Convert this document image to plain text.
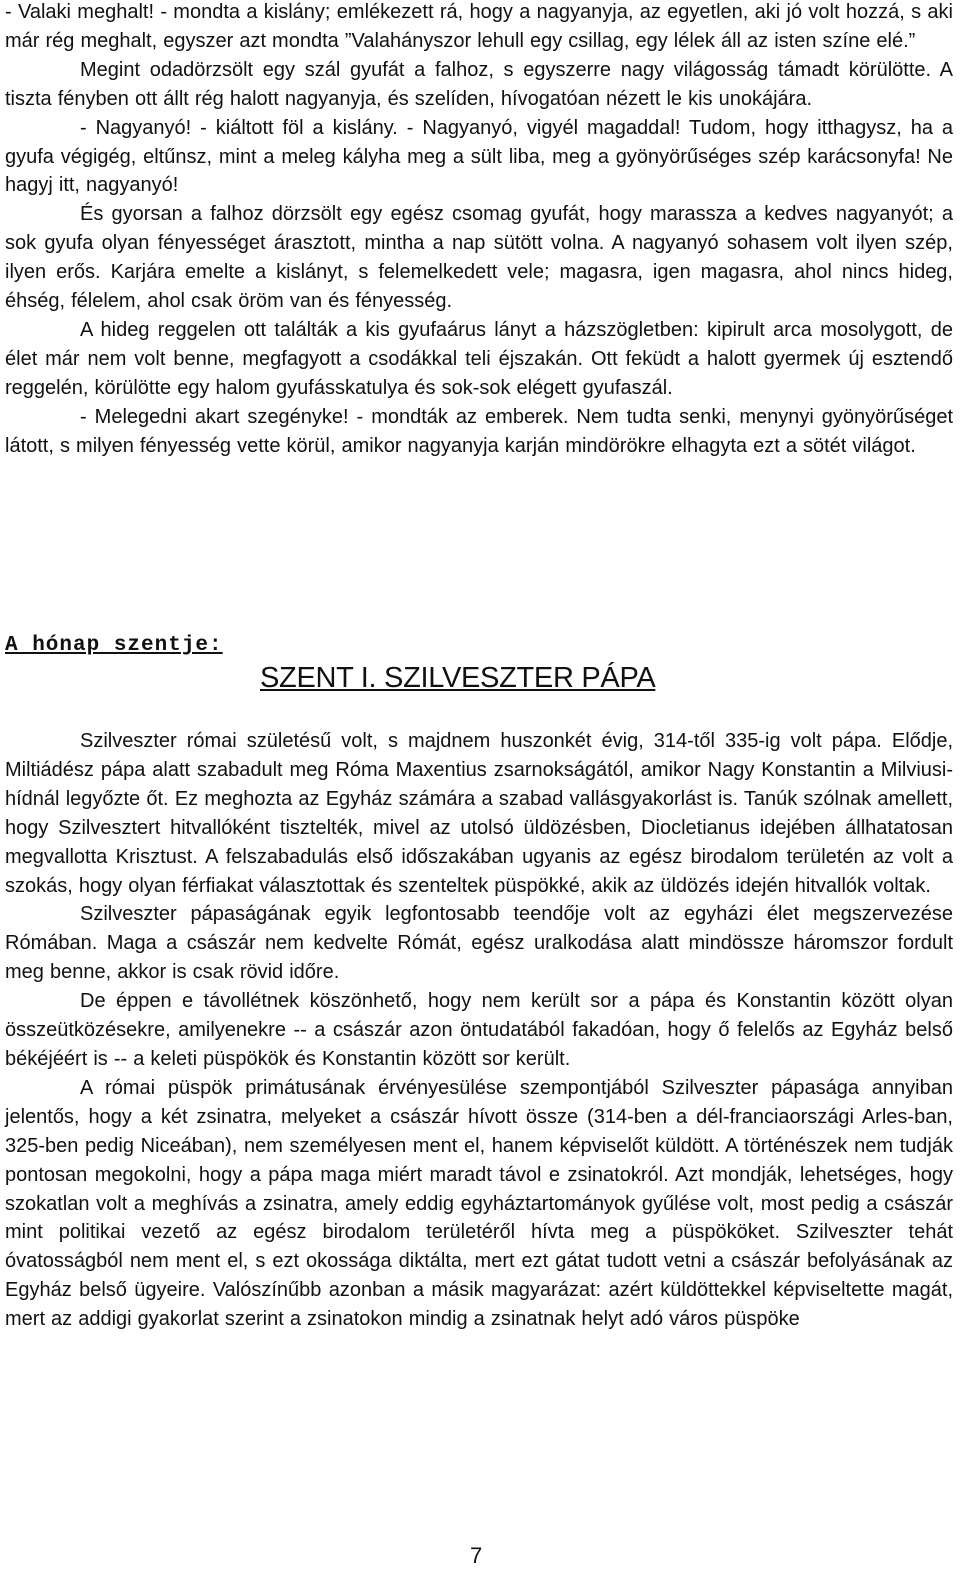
- Valaki meghalt! - mondta a kislány; emlékezett rá, hogy a nagyanyja, az egyetlen, aki jó volt hozzá, s aki már rég meghalt, egyszer azt mondta ”Valahányszor lehull egy csillag, egy lélek áll az isten színe elé.”

Megint odadörzsölt egy szál gyufát a falhoz, s egyszerre nagy világosság támadt körülötte. A tiszta fényben ott állt rég halott nagyanyja, és szelíden, hívogatóan nézett le kis unokájára.

- Nagyanyó! - kiáltott föl a kislány. - Nagyanyó, vigyél magaddal! Tudom, hogy itthagysz, ha a gyufa végigég, eltűnsz, mint a meleg kályha meg a sült liba, meg a gyönyörűséges szép karácsonyfa! Ne hagyj itt, nagyanyó!

És gyorsan a falhoz dörzsölt egy egész csomag gyufát, hogy marassza a kedves nagyanyót; a sok gyufa olyan fényességet árasztott, mintha a nap sütött volna. A nagyanyó sohasem volt ilyen szép, ilyen erős. Karjára emelte a kislányt, s felemelkedett vele; magasra, igen magasra, ahol nincs hideg, éhség, félelem, ahol csak öröm van és fényesség.

A hideg reggelen ott találták a kis gyufaárus lányt a házszögletben: kipirult arca mosolygott, de élet már nem volt benne, megfagyott a csodákkal teli éjszakán. Ott feküdt a halott gyermek új esztendő reggelén, körülötte egy halom gyufásskatulya és sok-sok elégett gyufaszál.

- Melegedni akart szegényke! - mondták az emberek. Nem tudta senki, menynyi gyönyörűséget látott, s milyen fényesség vette körül, amikor nagyanyja karján mindörökre elhagyta ezt a sötét világot.

A hónap szentje:
SZENT I. SZILVESZTER PÁPA

Szilveszter római születésű volt, s majdnem huszonkét évig, 314-től 335-ig volt pápa. Elődje, Miltiádész pápa alatt szabadult meg Róma Maxentius zsarnokságától, amikor Nagy Konstantin a Milviusi-hídnál legyőzte őt. Ez meghozta az Egyház számára a szabad vallásgyakorlást is. Tanúk szólnak amellett, hogy Szilvesztert hitvallóként tisztelték, mivel az utolsó üldözésben, Diocletianus idejében állhatatosan megvallotta Krisztust. A felszabadulás első időszakában ugyanis az egész birodalom területén az volt a szokás, hogy olyan férfiakat választottak és szenteltek püspökké, akik az üldözés idején hitvallók voltak.

Szilveszter pápaságának egyik legfontosabb teendője volt az egyházi élet megszervezése Rómában. Maga a császár nem kedvelte Rómát, egész uralkodása alatt mindössze háromszor fordult meg benne, akkor is csak rövid időre.

De éppen e távollétnek köszönhető, hogy nem került sor a pápa és Konstantin között olyan összeütközésekre, amilyenekre -- a császár azon öntudatából fakadóan, hogy ő felelős az Egyház belső békéjéért is -- a keleti püspökök és Konstantin között sor került.

A római püspök primátusának érvényesülése szempontjából Szilveszter pápasága annyiban jelentős, hogy a két zsinatra, melyeket a császár hívott össze (314-ben a dél-franciaországi Arles-ban, 325-ben pedig Niceában), nem személyesen ment el, hanem képviselőt küldött. A történészek nem tudják pontosan megokolni, hogy a pápa maga miért maradt távol e zsinatokról. Azt mondják, lehetséges, hogy szokatlan volt a meghívás a zsinatra, amely eddig egyháztartományok gyűlése volt, most pedig a császár mint politikai vezető az egész birodalom területéről hívta meg a püspököket. Szilveszter tehát óvatosságból nem ment el, s ezt okossága diktálta, mert ezt gátat tudott vetni a császár befolyásának az Egyház belső ügyeire. Valószínűbb azonban a másik magyarázat: azért küldöttekkel képviseltette magát, mert az addigi gyakorlat szerint a zsinatokon mindig a zsinatnak helyt adó város püspöke

7
